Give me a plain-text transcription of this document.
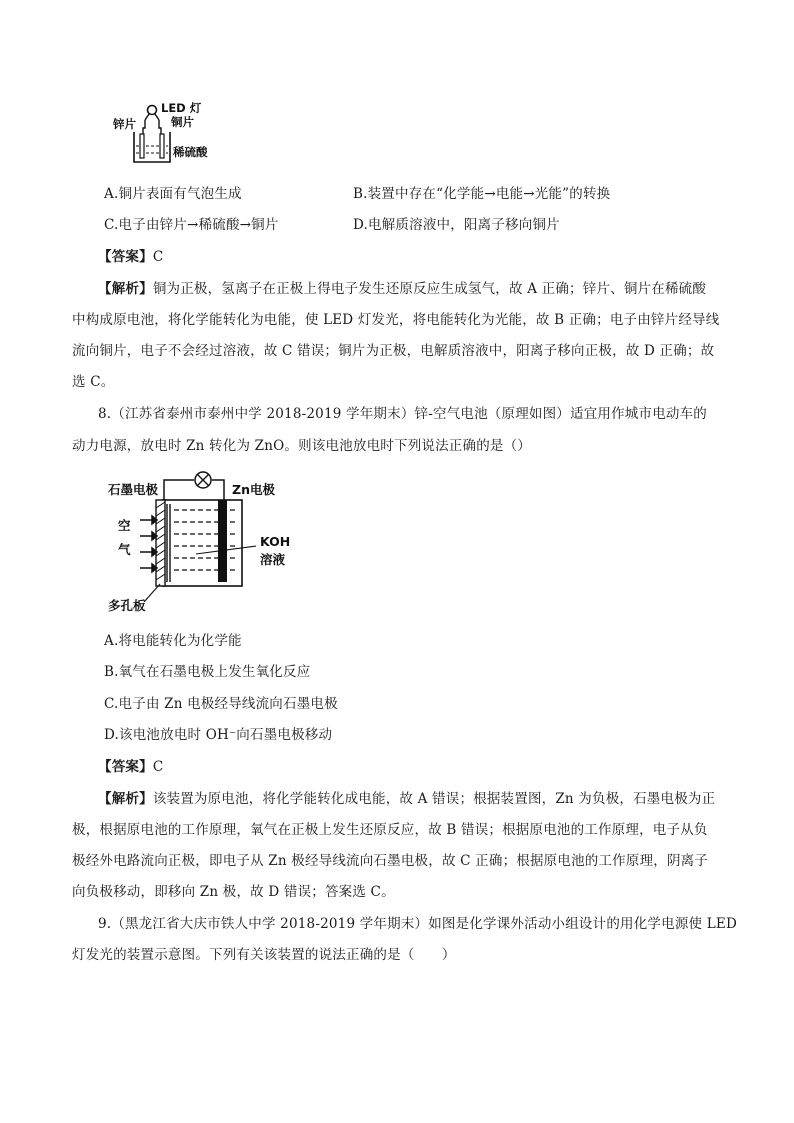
LED 灯
锌片	铜片
稀硫酸
A.铜片表面有气泡生成	B.装置中存在“化学能→电能→光能”的转换
C.电子由锌片→稀硫酸→铜片	D.电解质溶液中，阳离子移向铜片
【答案】C
【解析】铜为正极，氢离子在正极上得电子发生还原反应生成氢气，故 A 正确；锌片、铜片在稀硫酸
中构成原电池，将化学能转化为电能，使 LED 灯发光，将电能转化为光能，故 B 正确；电子由锌片经导线
流向铜片，电子不会经过溶液，故 C 错误；铜片为正极，电解质溶液中，阳离子移向正极，故 D 正确；故
选 C。
8.（江苏省泰州市泰州中学 2018-2019 学年期末）锌-空气电池（原理如图）适宜用作城市电动车的
动力电源，放电时 Zn 转化为 ZnO。则该电池放电时下列说法正确的是（）
石墨电极	Zn电极
空
气
KOH
溶液
多孔板
A.将电能转化为化学能
B.氧气在石墨电极上发生氧化反应
C.电子由 Zn 电极经导线流向石墨电极
D.该电池放电时 OH⁻向石墨电极移动
【答案】C
【解析】该装置为原电池，将化学能转化成电能，故 A 错误；根据装置图，Zn 为负极，石墨电极为正
极，根据原电池的工作原理，氧气在正极上发生还原反应，故 B 错误；根据原电池的工作原理，电子从负
极经外电路流向正极，即电子从 Zn 极经导线流向石墨电极，故 C 正确；根据原电池的工作原理，阴离子
向负极移动，即移向 Zn 极，故 D 错误；答案选 C。
9.（黑龙江省大庆市铁人中学 2018-2019 学年期末）如图是化学课外活动小组设计的用化学电源使 LED
灯发光的装置示意图。下列有关该装置的说法正确的是（　　）
